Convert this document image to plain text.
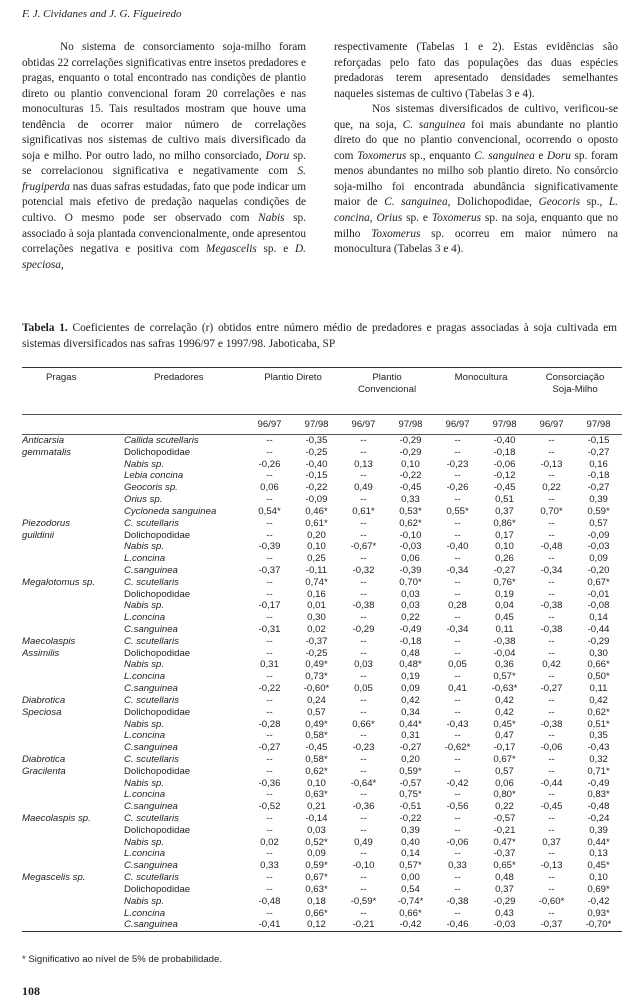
F. J. Cividanes and J. G. Figueiredo

No sistema de consorciamento soja-milho foram obtidas 22 correlações significativas entre insetos predadores e pragas, enquanto o total encontrado nas condições de plantio direto ou plantio convencional foram 20 correlações e nas monoculturas 15. Tais resultados mostram que houve uma tendência de ocorrer maior número de correlações significativas nos sistemas de cultivo mais diversificado da soja e milho. Por outro lado, no milho consorciado, Doru sp. se correlacionou significativa e negativamente com S. frugiperda nas duas safras estudadas, fato que pode indicar um potencial mais efetivo de predação naquelas condições de cultivo. O mesmo pode ser observado com Nabis sp. associado à soja plantada convencionalmente, onde apresentou correlações negativa e positiva com Megascelis sp. e D. speciosa,

respectivamente (Tabelas 1 e 2). Estas evidências são reforçadas pelo fato das populações das duas espécies predadoras terem apresentado densidades semelhantes naqueles sistemas de cultivo (Tabelas 3 e 4).

Nos sistemas diversificados de cultivo, verificou-se que, na soja, C. sanguinea foi mais abundante no plantio direto do que no plantio convencional, ocorrendo o oposto com Toxomerus sp., enquanto C. sanguinea e Doru sp. foram menos abundantes no milho sob plantio direto. No consórcio soja-milho foi encontrada abundância significativamente maior de C. sanguinea, Dolichopodidae, Geocoris sp., L. concina, Orius sp. e Toxomerus sp. na soja, enquanto que no milho Toxomerus sp. ocorreu em maior número na monocultura (Tabelas 3 e 4).

Tabela 1. Coeficientes de correlação (r) obtidos entre número médio de predadores e pragas associadas à soja cultivada em sistemas diversificados nas safras 1996/97 e 1997/98. Jaboticaba, SP
Pragas	Predadores	Plantio Direto		Plantio Convencional		Monocultura		Consorciação Soja-Milho	
		96/97	97/98	96/97	97/98	96/97	97/98	96/97	97/98
Anticarsia	Callida scutellaris	--	-0,35	--	-0,29	--	-0,40	--	-0,15
gemmatalis	Dolichopodidae	--	-0,25	--	-0,29	--	-0,18	--	-0,27
	Nabis sp.	-0,26	-0,40	0,13	0,10	-0,23	-0,06	-0,13	0,16
	Lebia concina	--	-0,15	--	-0,22	--	-0,12	--	-0,18
	Geocoris sp.	0,06	-0,22	0,49	-0,45	-0,26	-0,45	0,22	-0,27
	Orius sp.	--	-0,09	--	0,33	--	0,51	--	0,39
	Cycloneda sanguinea	0,54*	0,46*	0,61*	0,53*	0,55*	0,37	0,70*	0,59*
Piezodorus	C. scutellaris	--	0,61*	--	0,62*	--	0,86*	--	0,57
guildinii	Dolichopodidae	--	0,20	--	-0,10	--	0,17	--	-0,09
	Nabis sp.	-0,39	0,10	-0,67*	-0,03	-0,40	0,10	-0,48	-0,03
	L.concina	--	0,25	--	0,06	--	0,26	--	0,09
	C.sanguinea	-0,37	-0,11	-0,32	-0,39	-0,34	-0,27	-0,34	-0,20
Megalotomus sp.	C. scutellaris	--	0,74*	--	0,70*	--	0,76*	--	0,67*
	Dolichopodidae	--	0,16	--	0,03	--	0,19	--	-0,01
	Nabis sp.	-0,17	0,01	-0,38	0,03	0,28	0,04	-0,38	-0,08
	L.concina	--	0,30	--	0,22	--	0,45	--	0,14
	C.sanguinea	-0,31	0,02	-0,29	-0,49	-0,34	0,11	-0,38	-0,44
Maecolaspis	C. scutellaris	--	-0,37	--	-0,18	--	-0,38	--	-0,29
Assimilis	Dolichopodidae	--	-0,25	--	0,48	--	-0,04	--	0,30
	Nabis sp.	0,31	0,49*	0,03	0,48*	0,05	0,36	0,42	0,66*
	L.concina	--	0,73*	--	0,19	--	0,57*	--	0,50*
	C.sanguinea	-0,22	-0,60*	0,05	0,09	0,41	-0,63*	-0,27	0,11
Diabrotica	C. scutellaris	--	0,24	--	0,42	--	0,42	--	0,42
Speciosa	Dolichopodidae	--	0,57	--	0,34	--	0,42	--	0,62*
	Nabis sp.	-0,28	0,49*	0,66*	0,44*	-0,43	0,45*	-0,38	0,51*
	L.concina	--	0,58*	--	0,31	--	0,47	--	0,35
	C.sanguinea	-0,27	-0,45	-0,23	-0,27	-0,62*	-0,17	-0,06	-0,43
Diabrotica	C. scutellaris	--	0,58*	--	0,20	--	0,67*	--	0,32
Gracilenta	Dolichopodidae	--	0,62*	--	0,59*	--	0,57	--	0,71*
	Nabis sp.	-0,36	0,10	-0,64*	-0,57	-0,42	0,06	-0,44	-0,49
	L.concina	--	0,63*	--	0,75*	--	0,80*	--	0,83*
	C.sanguinea	-0,52	0,21	-0,36	-0,51	-0,56	0,22	-0,45	-0,48
Maecolaspis sp.	C. scutellaris	--	-0,14	--	-0,22	--	-0,57	--	-0,24
	Dolichopodidae	--	0,03	--	0,39	--	-0,21	--	0,39
	Nabis sp.	0,02	0,52*	0,49	0,40	-0,06	0,47*	0,37	0,44*
	L.concina	--	0,09	--	0,14	--	-0,37	--	0,13
	C.sanguinea	0,33	0,59*	-0,10	0,57*	0,33	0,65*	-0,13	0,45*
Megascelis sp.	C. scutellaris	--	0,67*	--	0,00	--	0,48	--	0,10
	Dolichopodidae	--	0,63*	--	0,54	--	0,37	--	0,69*
	Nabis sp.	-0,48	0,18	-0,59*	-0,74*	-0,38	-0,29	-0,60*	-0,42
	L.concina	--	0,66*	--	0,66*	--	0,43	--	0,93*
	C.sanguinea	-0,41	0,12	-0,21	-0,42	-0,46	-0,03	-0,37	-0,70*
* Significativo ao nível de 5% de probabilidade.
108
